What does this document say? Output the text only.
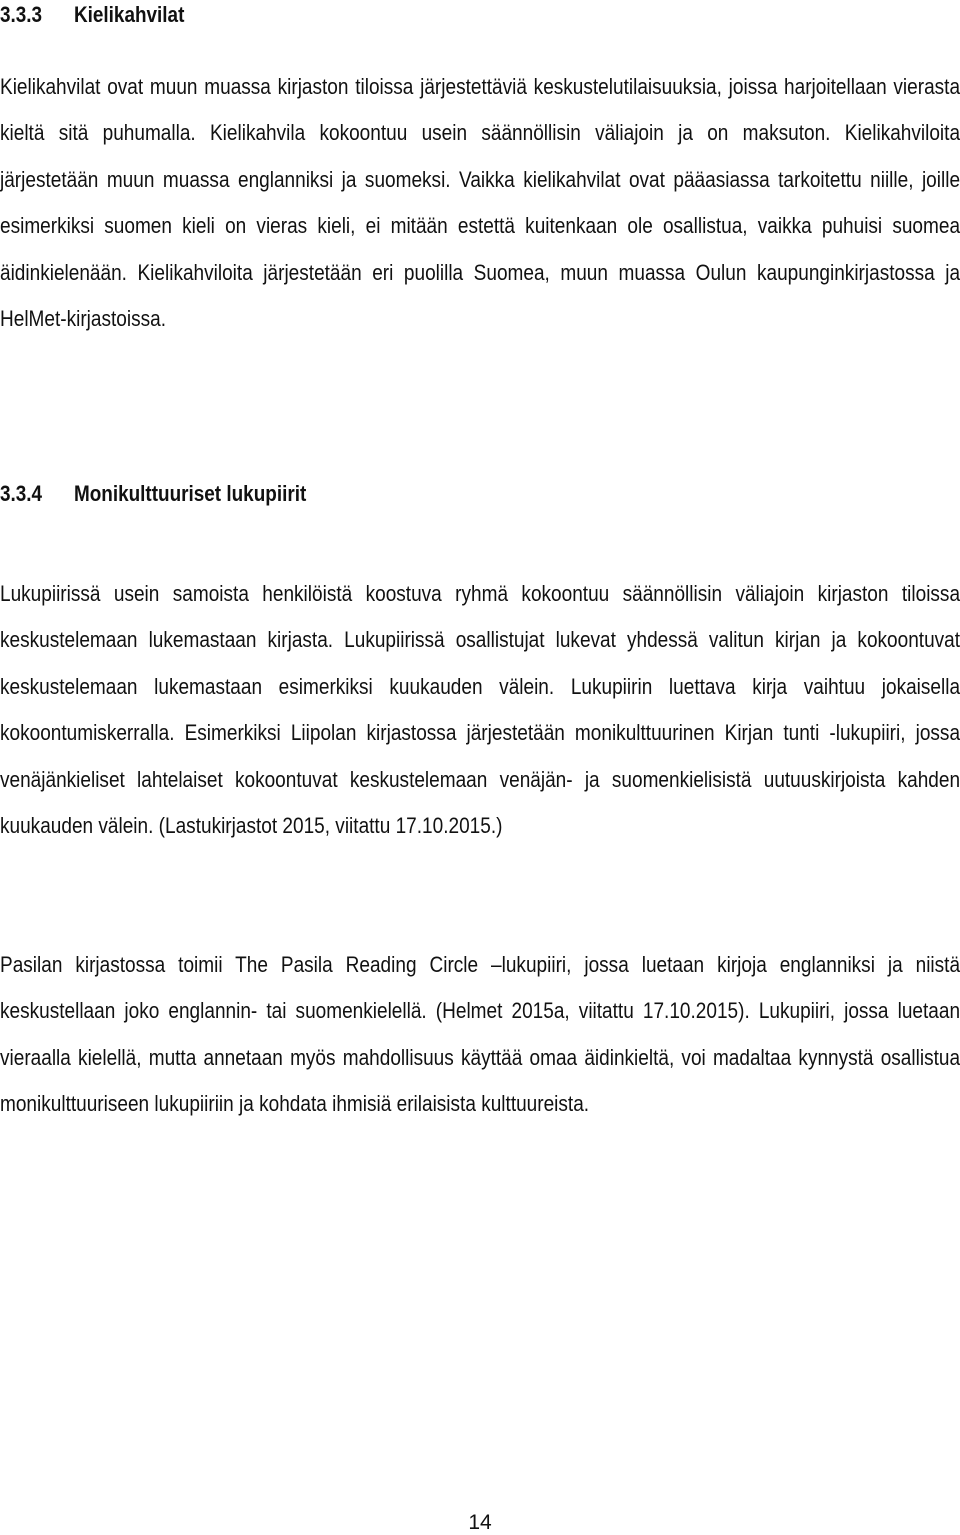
3.3.3 Kielikahvilat

Kielikahvilat ovat muun muassa kirjaston tiloissa järjestettäviä keskustelutilaisuuksia, joissa harjoitellaan vierasta kieltä sitä puhumalla. Kielikahvila kokoontuu usein säännöllisin väliajoin ja on maksuton. Kielikahviloita järjestetään muun muassa englanniksi ja suomeksi. Vaikka kielikahvilat ovat pääasiassa tarkoitettu niille, joille esimerkiksi suomen kieli on vieras kieli, ei mitään estettä kuitenkaan ole osallistua, vaikka puhuisi suomea äidinkielenään. Kielikahviloita järjestetään eri puolilla Suomea, muun muassa Oulun kaupunginkirjastossa ja HelMet-kirjastoissa.

3.3.4 Monikulttuuriset lukupiirit

Lukupiirissä usein samoista henkilöistä koostuva ryhmä kokoontuu säännöllisin väliajoin kirjaston tiloissa keskustelemaan lukemastaan kirjasta. Lukupiirissä osallistujat lukevat yhdessä valitun kirjan ja kokoontuvat keskustelemaan lukemastaan esimerkiksi kuukauden välein. Lukupiirin luettava kirja vaihtuu jokaisella kokoontumiskerralla. Esimerkiksi Liipolan kirjastossa järjestetään monikulttuurinen Kirjan tunti -lukupiiri, jossa venäjänkieliset lahtelaiset kokoontuvat keskustelemaan venäjän- ja suomenkielisistä uutuuskirjoista kahden kuukauden välein. (Lastukirjastot 2015, viitattu 17.10.2015.)

Pasilan kirjastossa toimii The Pasila Reading Circle –lukupiiri, jossa luetaan kirjoja englanniksi ja niistä keskustellaan joko englannin- tai suomenkielellä. (Helmet 2015a, viitattu 17.10.2015). Lukupiiri, jossa luetaan vieraalla kielellä, mutta annetaan myös mahdollisuus käyttää omaa äidinkieltä, voi madaltaa kynnystä osallistua monikulttuuriseen lukupiiriin ja kohdata ihmisiä erilaisista kulttuureista.

14
